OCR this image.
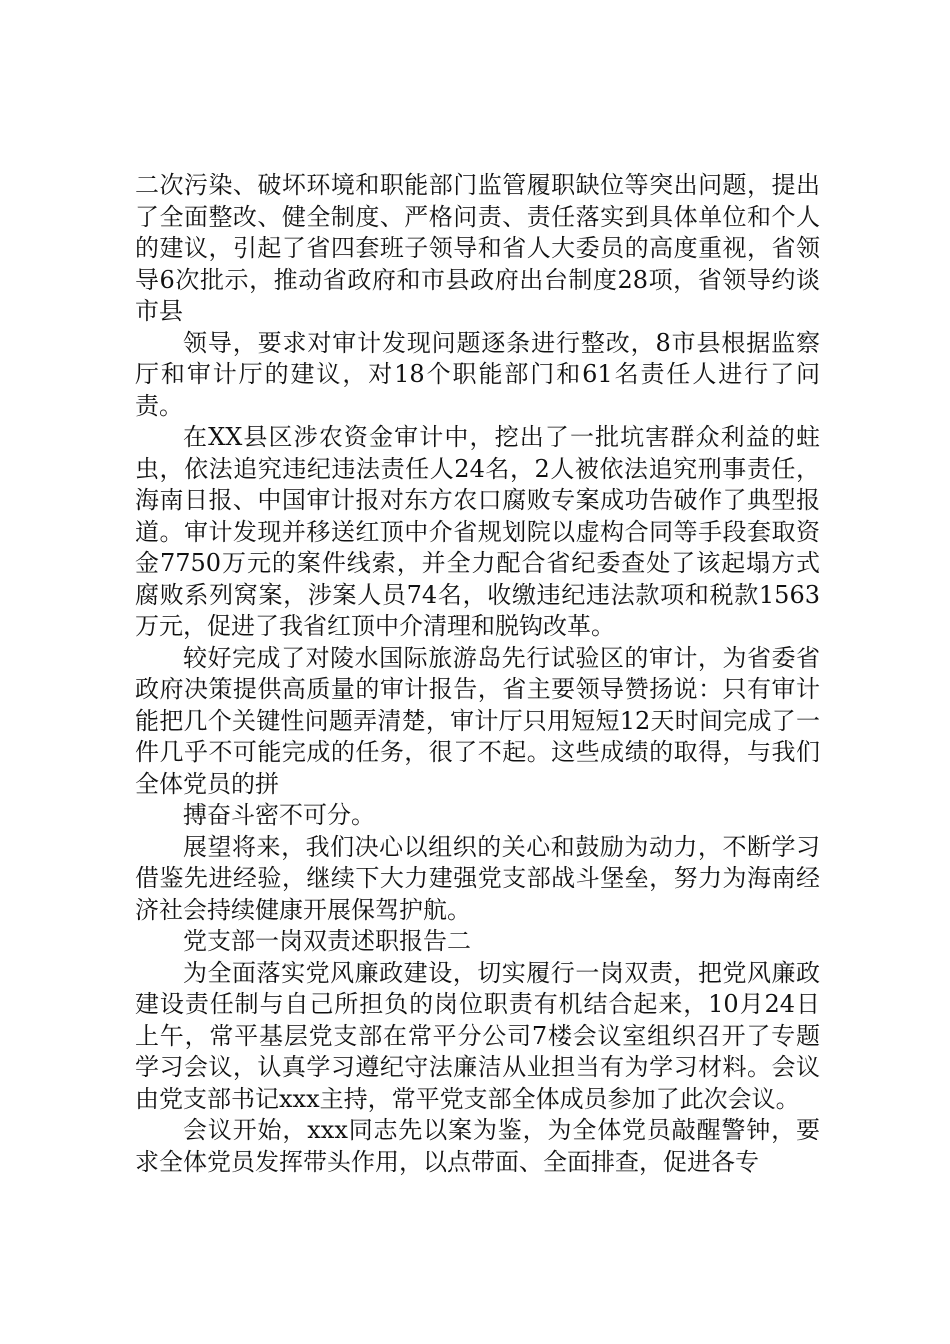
二次污染、破坏环境和职能部门监管履职缺位等突出问题，提出了全面整改、健全制度、严格问责、责任落实到具体单位和个人的建议，引起了省四套班子领导和省人大委员的高度重视，省领导6次批示，推动省政府和市县政府出台制度28项，省领导约谈市县

领导，要求对审计发现问题逐条进行整改，8市县根据监察厅和审计厅的建议，对18个职能部门和61名责任人进行了问责。

在XX县区涉农资金审计中，挖出了一批坑害群众利益的蛀虫，依法追究违纪违法责任人24名，2人被依法追究刑事责任，海南日报、中国审计报对东方农口腐败专案成功告破作了典型报道。审计发现并移送红顶中介省规划院以虚构合同等手段套取资金7750万元的案件线索，并全力配合省纪委查处了该起塌方式腐败系列窝案，涉案人员74名，收缴违纪违法款项和税款1563万元，促进了我省红顶中介清理和脱钩改革。

较好完成了对陵水国际旅游岛先行试验区的审计，为省委省政府决策提供高质量的审计报告，省主要领导赞扬说：只有审计能把几个关键性问题弄清楚，审计厅只用短短12天时间完成了一件几乎不可能完成的任务，很了不起。这些成绩的取得，与我们全体党员的拼

搏奋斗密不可分。

展望将来，我们决心以组织的关心和鼓励为动力，不断学习借鉴先进经验，继续下大力建强党支部战斗堡垒，努力为海南经济社会持续健康开展保驾护航。

党支部一岗双责述职报告二

为全面落实党风廉政建设，切实履行一岗双责，把党风廉政建设责任制与自己所担负的岗位职责有机结合起来，10月24日上午，常平基层党支部在常平分公司7楼会议室组织召开了专题学习会议，认真学习遵纪守法廉洁从业担当有为学习材料。会议由党支部书记xxx主持，常平党支部全体成员参加了此次会议。

会议开始，xxx同志先以案为鉴，为全体党员敲醒警钟，要求全体党员发挥带头作用，以点带面、全面排查，促进各专
